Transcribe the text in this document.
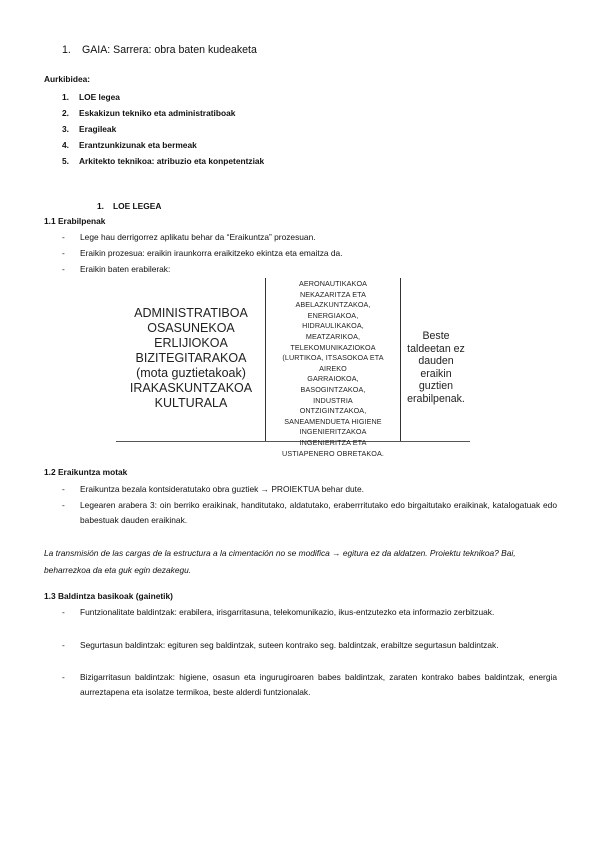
1. GAIA: Sarrera: obra baten kudeaketa
Aurkibidea:
1. LOE legea
2. Eskakizun tekniko eta administratiboak
3. Eragileak
4. Erantzunkizunak eta bermeak
5. Arkitekto teknikoa: atribuzio eta konpetentziak
1. LOE LEGEA
1.1 Erabilpenak
- Lege hau derrigorrez aplikatu behar da “Eraikuntza” prozesuan.
- Eraikin prozesua: eraikin iraunkorra eraikitzeko ekintza eta emaitza da.
- Eraikin baten erabilerak:
ADMINISTRATIBOA
OSASUNEKOA
ERLIJIOKOA
BIZITEGITARAKOA
(mota guztietakoak)
IRAKASKUNTZAKOA
KULTURALA
AERONAUTIKAKOA
NEKAZARITZA ETA
ABELAZKUNTZAKOA,
ENERGIAKOA,
HIDRAULIKAKOA,
MEATZARIKOA,
TELEKOMUNIKAZIOKOA
(LURTIKOA, ITSASOKOA ETA AIREKO
GARRAIOKOA,
BASOGINTZAKOA,
INDUSTRIA
ONTZIGINTZAKOA,
SANEAMENDUETA HIGIENE
INGENIERITZAKOA
INGENIERITZA ETA
USTIAPENERO OBRETAKOA.
Beste
taldeetan ez
dauden
eraikin guztien
erabilpenak.
1.2 Eraikuntza motak
- Eraikuntza bezala kontsideratutako obra guztiek → PROIEKTUA behar dute.
- Legearen arabera 3: oin berriko eraikinak, handitutako, aldatutako, eraberrritutako edo birgaitutako eraikinak, katalogatuak edo babestuak dauden eraikinak.
La transmisión de las cargas de la estructura a la cimentación no se modifica → egitura ez da aldatzen. Proiektu teknikoa? Bai, beharrezkoa da eta guk egin dezakegu.
1.3 Baldintza basikoak (gainetik)
- Funtzionalitate baldintzak: erabilera, irisgarritasuna, telekomunikazio, ikus-entzutezko eta informazio zerbitzuak.
- Segurtasun baldintzak: egituren seg baldintzak, suteen kontrako seg. baldintzak, erabiltze segurtasun baldintzak.
- Bizigarritasun baldintzak: higiene, osasun eta ingurugiroaren babes baldintzak, zaraten kontrako babes baldintzak, energia aurreztapena eta isolatze termikoa, beste alderdi funtzionalak.
